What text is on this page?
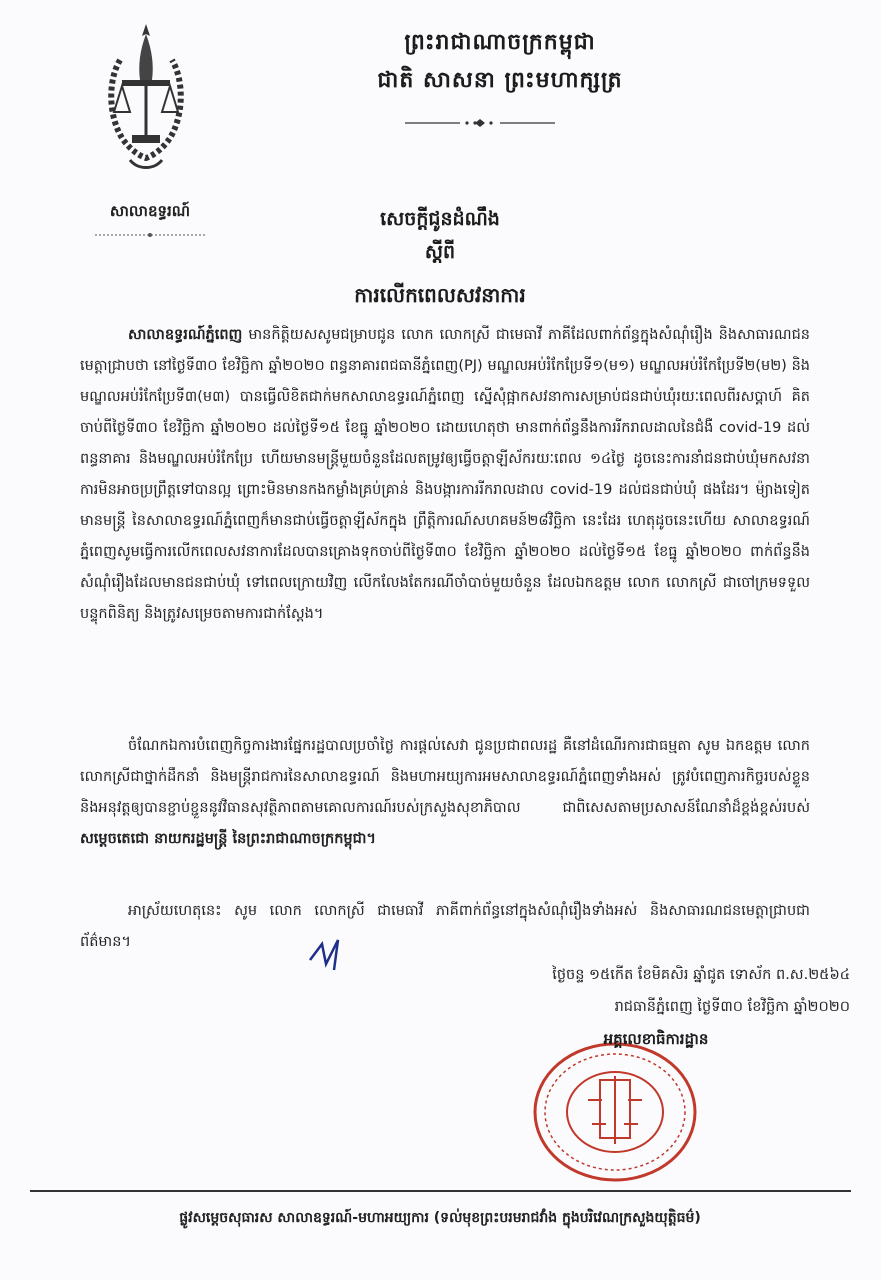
សាលាឧទ្ធរណ៍
ព្រះរាជាណាចក្រកម្ពុជា
ជាតិ សាសនា ព្រះមហាក្សត្រ
សេចក្ដីជូនដំណឹង
ស្ដីពី
ការលើកពេលសវនាការ
សាលាឧទ្ធរណ៍ភ្នំពេញ មានកិត្តិយសសូមជម្រាបជូន លោក លោកស្រី ជាមេធាវី ភាគីដែលពាក់ព័ន្ធក្នុងសំណុំរឿង និងសាធារណជនមេត្តាជ្រាបថា នៅថ្ងៃទី៣០ ខែវិច្ឆិកា ឆ្នាំ២០២០ ពន្ធនាគារពជធានីភ្នំពេញ(PJ) មណ្ឌលអប់រំកែប្រែទី១(ម១) មណ្ឌលអប់រំកែប្រែទី២(ម២) និងមណ្ឌលអប់រំកែប្រែទី៣(ម៣) បានធ្វើលិខិតជាក់មកសាលាឧទ្ធរណ៍ភ្នំពេញ ស្នើសុំផ្អាកសវនាការសម្រាប់ជនជាប់ឃុំរយៈពេលពីរសប្ដាហ៍ គិតចាប់ពីថ្ងៃទី៣០ ខែវិច្ឆិកា ឆ្នាំ២០២០ ដល់ថ្ងៃទី១៥ ខែធ្នូ ឆ្នាំ២០២០ ដោយហេតុថា មានពាក់ព័ន្ធនឹងការរីករាលដាលនៃជំងឺ covid-19 ដល់ពន្ធនាគារ និងមណ្ឌលអប់រំកែប្រែ ហើយមានមន្ត្រីមួយចំនួនដែលតម្រូវឲ្យធ្វើចត្តាឡីស័ករយៈពេល ១៤ថ្ងៃ ដូចនេះការនាំជនជាប់ឃុំមកសវនាការមិនអាចប្រព្រឹត្តទៅបានល្អ ព្រោះមិនមានកងកម្លាំងគ្រប់គ្រាន់ និងបង្ការការរីករាលដាល covid-19 ដល់ជនជាប់ឃុំ ផងដែរ។ ម៉្យាងទៀតមានមន្ត្រី នៃសាលាឧទ្ធរណ៍ភ្នំពេញក៏មានជាប់ធ្វើចត្តាឡីស័កក្នុង ព្រឹត្តិការណ៍សហគមន៍២៨វិច្ឆិកា នេះដែរ ហេតុដូចនេះហើយ សាលាឧទ្ធរណ៍ភ្នំពេញសូមធ្វើការលើកពេលសវនាការដែលបានគ្រោងទុកចាប់ពីថ្ងៃទី៣០ ខែវិច្ឆិកា ឆ្នាំ២០២០ ដល់ថ្ងៃទី១៥ ខែធ្នូ ឆ្នាំ២០២០ ពាក់ព័ន្ធនឹងសំណុំរឿងដែលមានជនជាប់ឃុំ ទៅពេលក្រោយវិញ លើកលែងតែករណីចាំបាច់មួយចំនួន ដែលឯកឧត្តម លោក លោកស្រី ជាចៅក្រមទទួលបន្ទុកពិនិត្យ និងត្រូវសម្រេចតាមការជាក់ស្ដែង។
ចំណែកឯការបំពេញកិច្ចការងារផ្នែករដ្ឋបាលប្រចាំថ្ងៃ ការផ្ដល់សេវា ជូនប្រជាពលរដ្ឋ គឺនៅដំណើរការជាធម្មតា សូម ឯកឧត្តម លោក លោកស្រីជាថ្នាក់ដឹកនាំ និងមន្ត្រីរាជការនៃសាលាឧទ្ធរណ៍ និងមហាអយ្យការអមសាលាឧទ្ធរណ៍ភ្នំពេញទាំងអស់ ត្រូវបំពេញភារកិច្ចរបស់ខ្លួន និងអនុវត្តឲ្យបានខ្ជាប់ខ្ជួននូវវិធានសុវត្ថិភាពតាមគោលការណ៍របស់ក្រសួងសុខាភិបាល ជាពិសេសតាមប្រសាសន៍ណែនាំដ៏ខ្ពង់ខ្ពស់របស់ សម្ដេចតេជោ នាយករដ្ឋមន្ត្រី នៃព្រះរាជាណាចក្រកម្ពុជា។
អាស្រ័យហេតុនេះ សូម លោក លោកស្រី ជាមេធាវី ភាគីពាក់ព័ន្ធនៅក្នុងសំណុំរឿងទាំងអស់ និងសាធារណជនមេត្តាជ្រាបជាព័ត៌មាន។
ថ្ងៃចន្ទ ១៥កើត ខែមិគសិរ ឆ្នាំជូត ទោស័ក ព.ស.២៥៦៤
រាជធានីភ្នំពេញ ថ្ងៃទី៣០ ខែវិច្ឆិកា ឆ្នាំ២០២០
អគ្គលេខាធិការដ្ឋាន
ផ្លូវសម្ដេចសុធារស សាលាឧទ្ធរណ៍-មហាអយ្យការ (ទល់មុខព្រះបរមរាជវាំង ក្នុងបរិវេណក្រសួងយុត្តិធម៌)
